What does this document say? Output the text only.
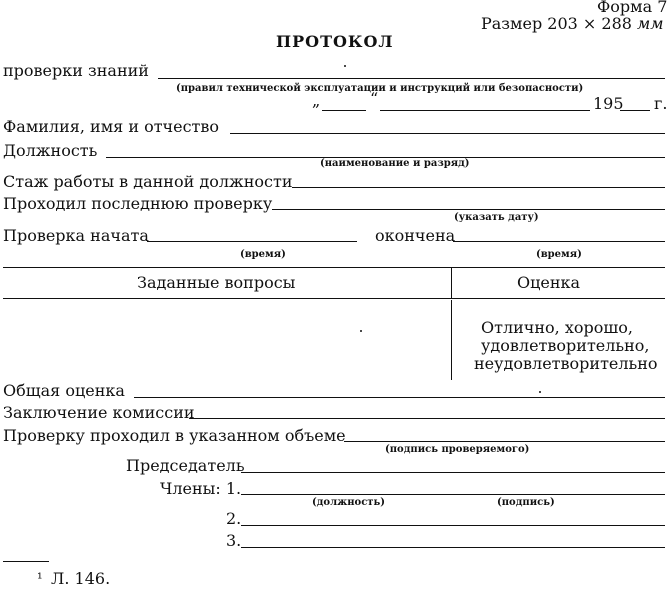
Форма 7
Размер 203 × 288 мм
ПРОТОКОЛ
проверки знаний
(правил технической эксплуатации и инструкций или безопасности)
„	“	195 г.
Фамилия, имя и отчество
Должность
(наименование и разряд)
Стаж работы в данной должности
Проходил последнюю проверку
(указать дату)
Проверка начата	окончена
(время)	(время)
Заданные вопросы	Оценка
Отлично, хорошо,
удовлетворительно,
неудовлетворительно
Общая оценка
Заключение комиссии
Проверку проходил в указанном объеме
(подпись проверяемого)
Председатель
Члены: 1.
(должность)	(подпись)
2.
3.
¹ Л. 146.
